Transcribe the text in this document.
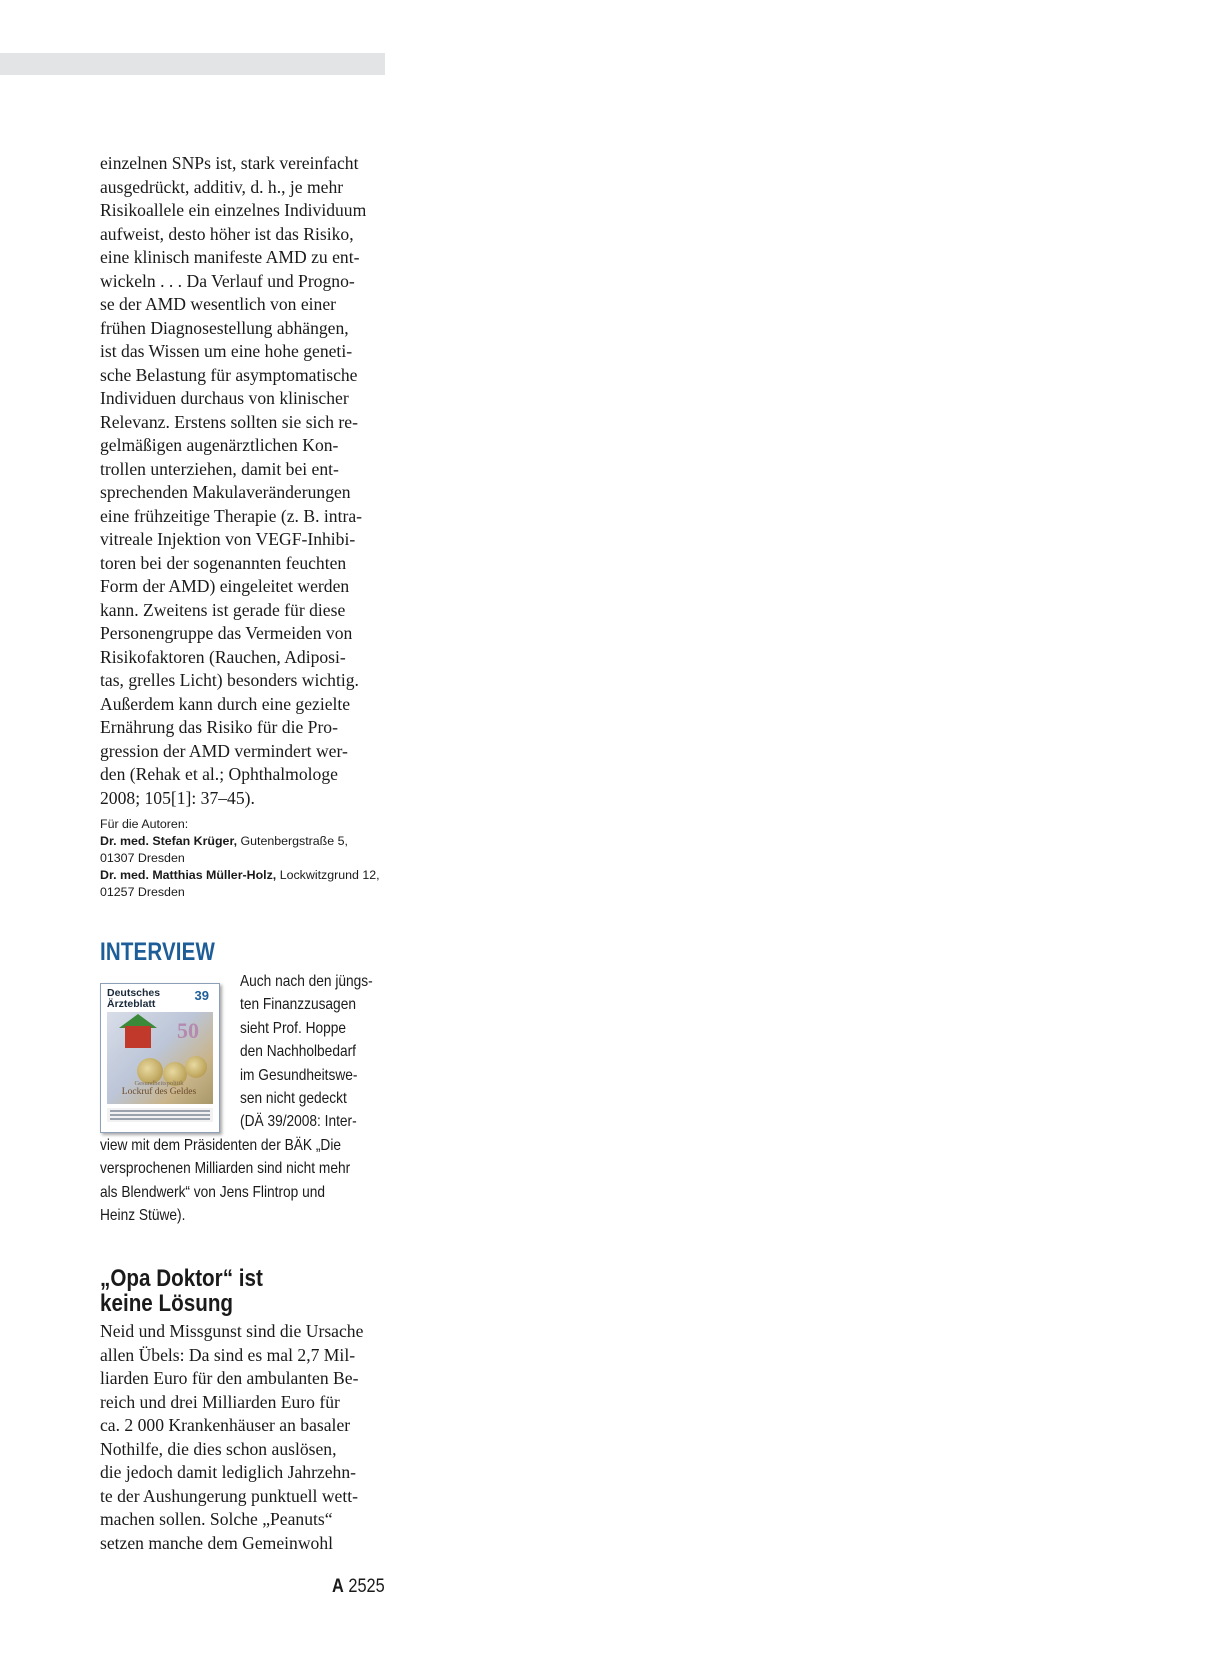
einzelnen SNPs ist, stark vereinfacht
ausgedrückt, additiv, d. h., je mehr
Risikoallele ein einzelnes Individuum
aufweist, desto höher ist das Risiko,
eine klinisch manifeste AMD zu ent-
wickeln . . . Da Verlauf und Progno-
se der AMD wesentlich von einer
frühen Diagnosestellung abhängen,
ist das Wissen um eine hohe geneti-
sche Belastung für asymptomatische
Individuen durchaus von klinischer
Relevanz. Erstens sollten sie sich re-
gelmäßigen augenärztlichen Kon-
trollen unterziehen, damit bei ent-
sprechenden Makulaveränderungen
eine frühzeitige Therapie (z. B. intra-
vitreale Injektion von VEGF-Inhibi-
toren bei der sogenannten feuchten
Form der AMD) eingeleitet werden
kann. Zweitens ist gerade für diese
Personengruppe das Vermeiden von
Risikofaktoren (Rauchen, Adiposi-
tas, grelles Licht) besonders wichtig.
Außerdem kann durch eine gezielte
Ernährung das Risiko für die Pro-
gression der AMD vermindert wer-
den (Rehak et al.; Ophthalmologe
2008; 105[1]: 37–45).
Für die Autoren:
Dr. med. Stefan Krüger, Gutenbergstraße 5,
01307 Dresden
Dr. med. Matthias Müller-Holz, Lockwitzgrund 12,
01257 Dresden
INTERVIEW
Deutsches
Ärzteblatt
39
50
Gesundheitspolitik
Lockruf des Geldes
Auch nach den jüngs-
ten Finanzzusagen
sieht Prof. Hoppe
den Nachholbedarf
im Gesundheitswe-
sen nicht gedeckt
(DÄ 39/2008: Inter-
view mit dem Präsidenten der BÄK „Die
versprochenen Milliarden sind nicht mehr
als Blendwerk“ von Jens Flintrop und
Heinz Stüwe).
„Opa Doktor“ ist
keine Lösung
Neid und Missgunst sind die Ursache
allen Übels: Da sind es mal 2,7 Mil-
liarden Euro für den ambulanten Be-
reich und drei Milliarden Euro für
ca. 2 000 Krankenhäuser an basaler
Nothilfe, die dies schon auslösen,
die jedoch damit lediglich Jahrzehn-
te der Aushungerung punktuell wett-
machen sollen. Solche „Peanuts“
setzen manche dem Gemeinwohl
A 2525
